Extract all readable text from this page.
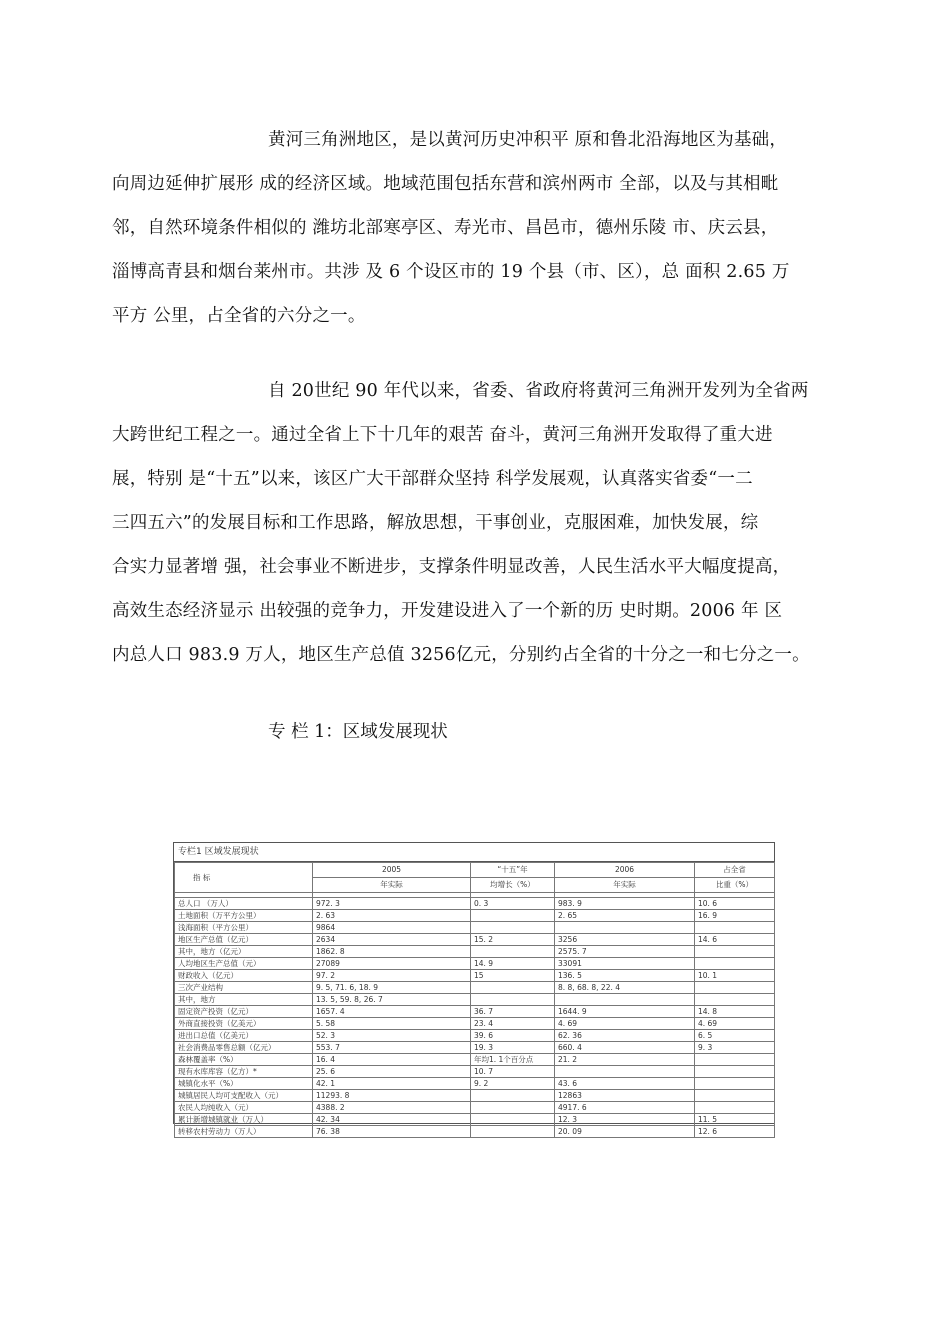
黄河三角洲地区，是以黄河历史冲积平 原和鲁北沿海地区为基础，
向周边延伸扩展形 成的经济区域。地域范围包括东营和滨州两市 全部，以及与其相毗
邻，自然环境条件相似的 潍坊北部寒亭区、寿光市、昌邑市，德州乐陵 市、庆云县，
淄博高青县和烟台莱州市。共涉 及 6 个设区市的 19 个县（市、区），总 面积 2.65 万
平方 公里，占全省的六分之一。
自 20世纪 90 年代以来，省委、省政府将黄河三角洲开发列为全省两
大跨世纪工程之一。通过全省上下十几年的艰苦 奋斗，黄河三角洲开发取得了重大进
展，特别 是“十五”以来，该区广大干部群众坚持 科学发展观，认真落实省委“一二
三四五六”的发展目标和工作思路，解放思想，干事创业，克服困难，加快发展，综
合实力显著增 强，社会事业不断进步，支撑条件明显改善，人民生活水平大幅度提高，
高效生态经济显示 出较强的竞争力，开发建设进入了一个新的历 史时期。2006 年 区
内总人口 983.9 万人，地区生产总值 3256亿元，分别约占全省的十分之一和七分之一。
专 栏 1：区域发展现状
专栏1 区域发展现状
指 标	2005	“十五”年	2006	占全省
	年实际	均增长（%）	年实际	比重（%）

总人口 （万人）	972. 3	0. 3	983. 9	10. 6
土地面积（万平方公里）	2. 63		2. 65	16. 9
浅海面积（平方公里）	9864			
地区生产总值（亿元）	2634	15. 2	3256	14. 6
其中，地方（亿元）	1862. 8		2575. 7	
人均地区生产总值（元）	27089	14. 9	33091	
财政收入（亿元）	97. 2	15	136. 5	10. 1
三次产业结构	9. 5, 71. 6, 18. 9		8. 8, 68. 8, 22. 4	
其中，地方	13. 5, 59. 8, 26. 7			
固定资产投资（亿元）	1657. 4	36. 7	1644. 9	14. 8
外商直接投资（亿美元）	5. 58	23. 4	4. 69	4. 69
进出口总值（亿美元）	52. 3	39. 6	62. 36	6. 5
社会消费品零售总额（亿元）	553. 7	19. 3	660. 4	9. 3
森林覆盖率（%）	16. 4	年均1. 1个百分点	21. 2	
现有水库库容（亿方）*	25. 6	10. 7		
城镇化水平（%）	42. 1	9. 2	43. 6	
城镇居民人均可支配收入（元）	11293. 8		12863	
农民人均纯收入（元）	4388. 2		4917. 6	
累计新增城镇就业（万人）	42. 34		12. 3	11. 5
转移农村劳动力（万人）	76. 38		20. 09	12. 6
